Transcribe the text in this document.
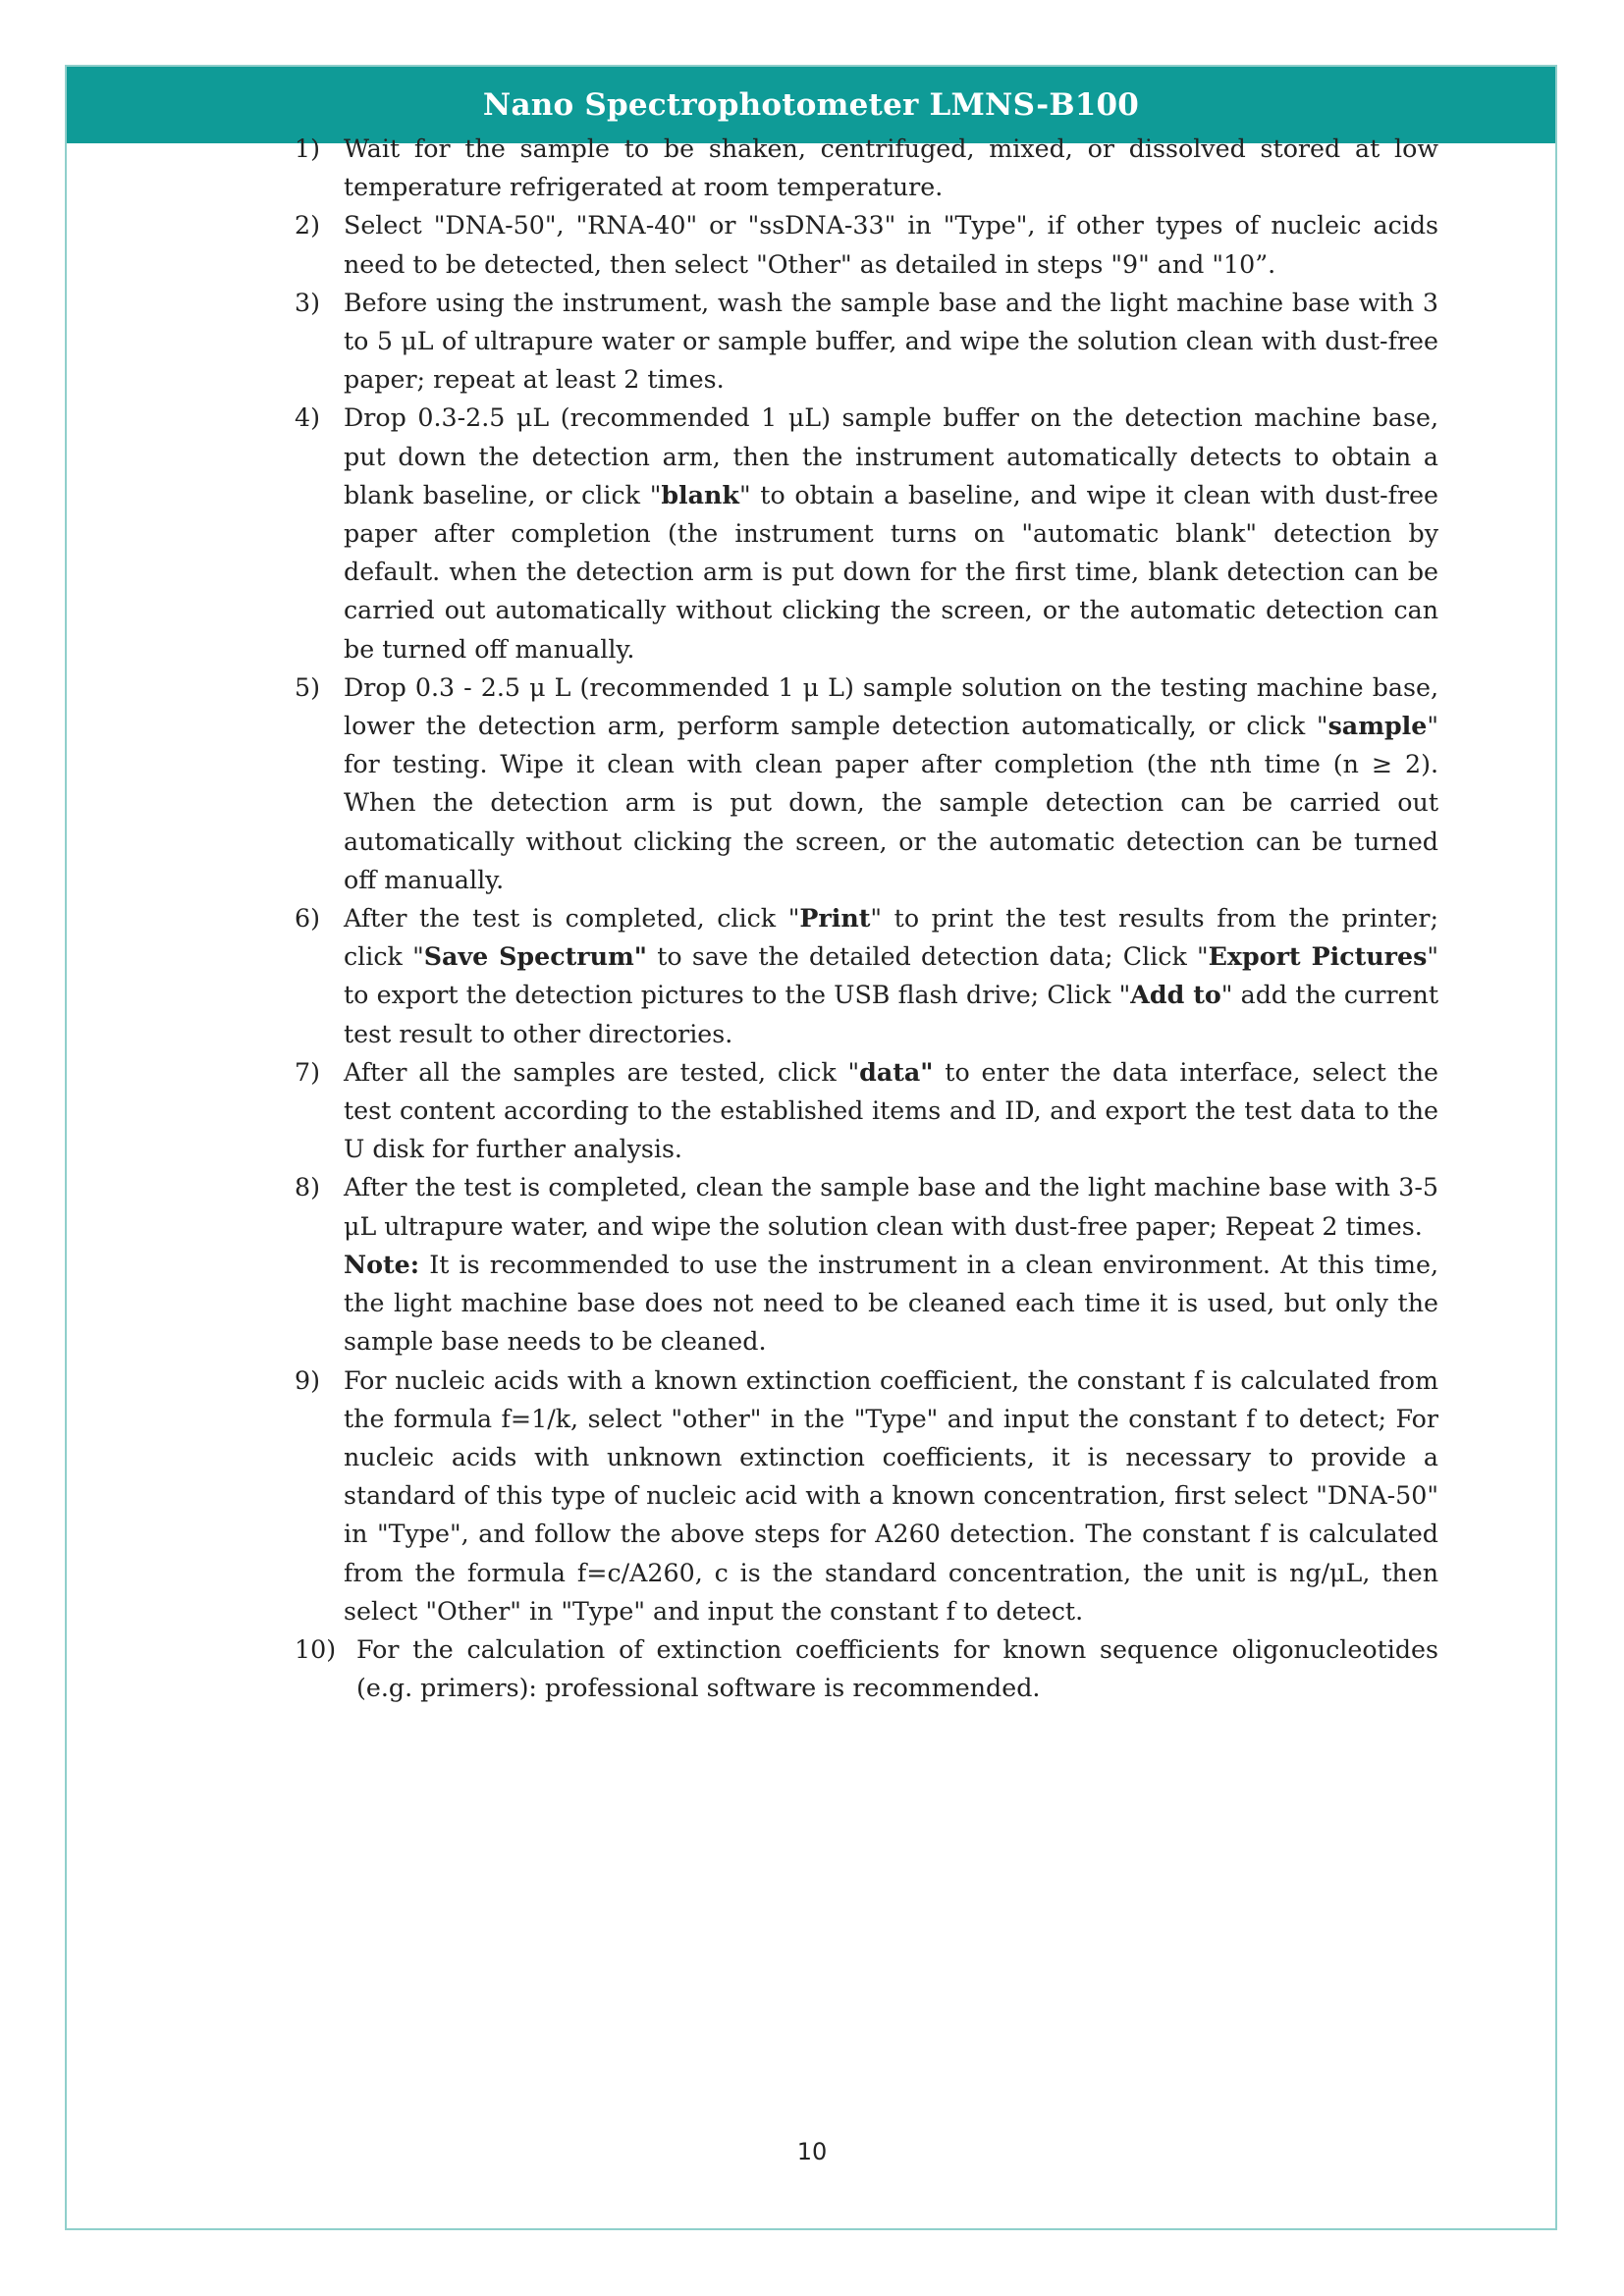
Nano Spectrophotometer LMNS-B100
1) Wait for the sample to be shaken, centrifuged, mixed, or dissolved stored at low temperature refrigerated at room temperature.
2) Select "DNA-50", "RNA-40" or "ssDNA-33" in "Type", if other types of nucleic acids need to be detected, then select "Other" as detailed in steps "9" and "10”.
3) Before using the instrument, wash the sample base and the light machine base with 3 to 5 μL of ultrapure water or sample buffer, and wipe the solution clean with dust-free paper; repeat at least 2 times.
4) Drop 0.3-2.5 μL (recommended 1 μL) sample buffer on the detection machine base, put down the detection arm, then the instrument automatically detects to obtain a blank baseline, or click "blank" to obtain a baseline, and wipe it clean with dust-free paper after completion (the instrument turns on "automatic blank" detection by default. when the detection arm is put down for the first time, blank detection can be carried out automatically without clicking the screen, or the automatic detection can be turned off manually.
5) Drop 0.3 - 2.5 μ L (recommended 1 μ L) sample solution on the testing machine base, lower the detection arm, perform sample detection automatically, or click "sample" for testing. Wipe it clean with clean paper after completion (the nth time (n ≥ 2). When the detection arm is put down, the sample detection can be carried out automatically without clicking the screen, or the automatic detection can be turned off manually.
6) After the test is completed, click "Print" to print the test results from the printer; click "Save Spectrum" to save the detailed detection data; Click "Export Pictures" to export the detection pictures to the USB flash drive; Click "Add to" add the current test result to other directories.
7) After all the samples are tested, click "data" to enter the data interface, select the test content according to the established items and ID, and export the test data to the U disk for further analysis.
8) After the test is completed, clean the sample base and the light machine base with 3-5 μL ultrapure water, and wipe the solution clean with dust-free paper; Repeat 2 times.
Note: It is recommended to use the instrument in a clean environment. At this time, the light machine base does not need to be cleaned each time it is used, but only the sample base needs to be cleaned.
9) For nucleic acids with a known extinction coefficient, the constant f is calculated from the formula f=1/k, select "other" in the "Type" and input the constant f to detect; For nucleic acids with unknown extinction coefficients, it is necessary to provide a standard of this type of nucleic acid with a known concentration, first select "DNA-50" in "Type", and follow the above steps for A260 detection. The constant f is calculated from the formula f=c/A260, c is the standard concentration, the unit is ng/μL, then select "Other" in "Type" and input the constant f to detect.
10) For the calculation of extinction coefficients for known sequence oligonucleotides (e.g. primers): professional software is recommended.
10
